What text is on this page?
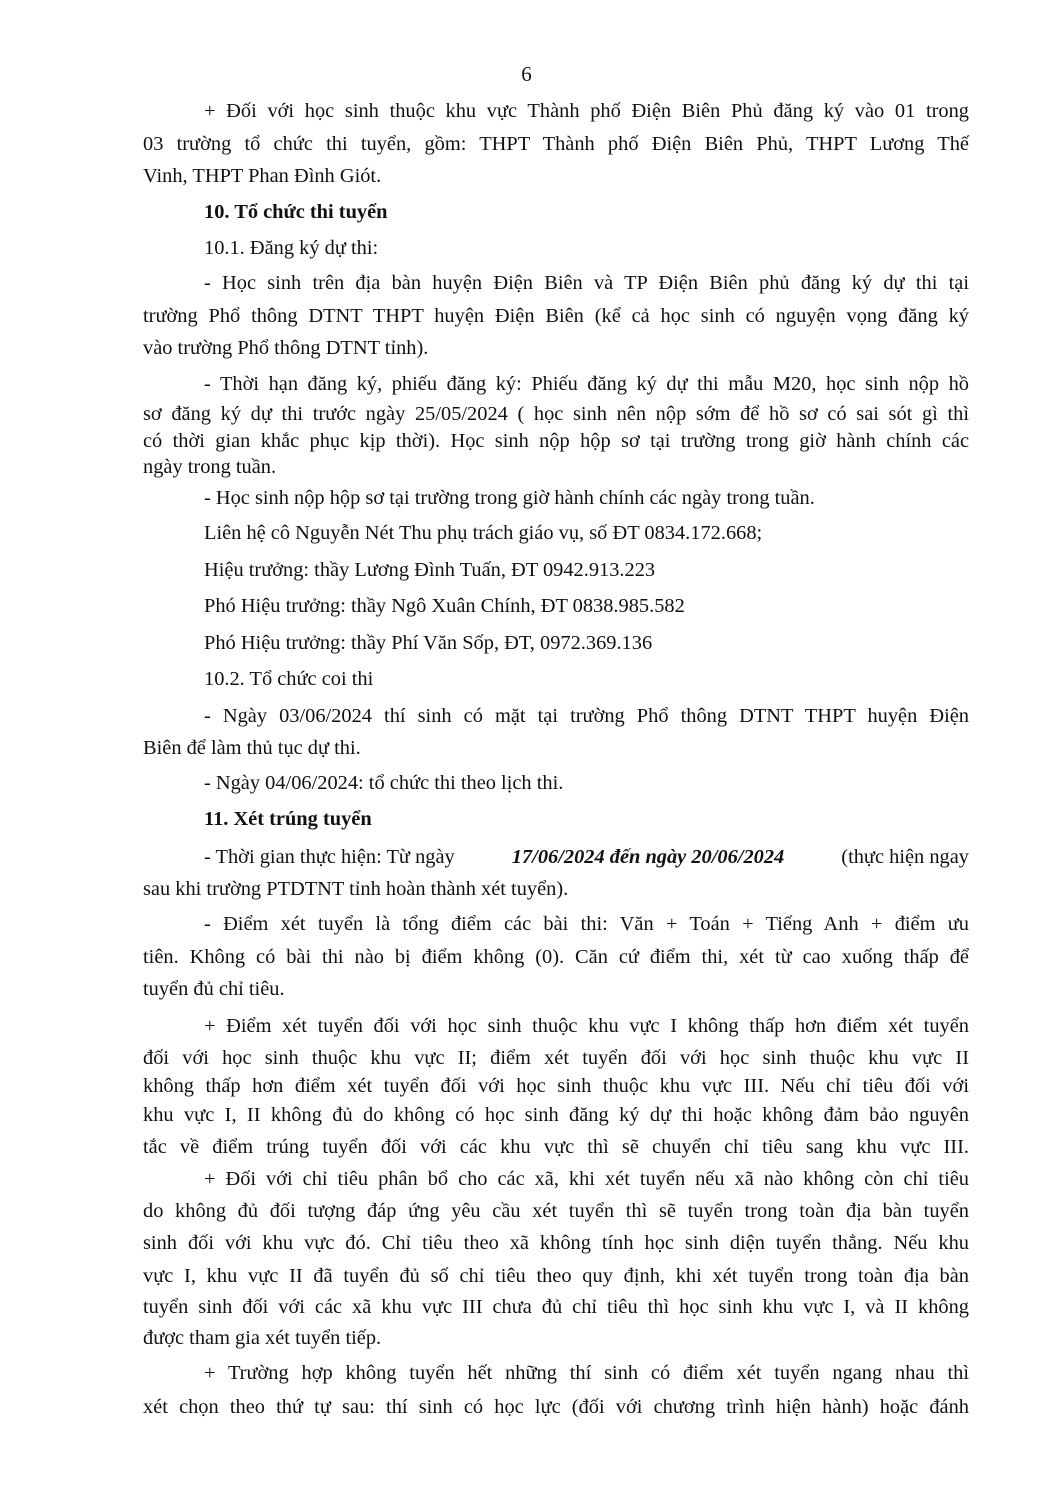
6
+ Đối với học sinh thuộc khu vực Thành phố Điện Biên Phủ đăng ký vào 01 trong
03 trường tổ chức thi tuyển, gồm: THPT Thành phố Điện Biên Phủ, THPT Lương Thế
Vinh, THPT Phan Đình Giót.
10. Tổ chức thi tuyển
10.1. Đăng ký dự thi:
- Học sinh trên địa bàn huyện Điện Biên và TP Điện Biên phủ đăng ký dự thi tại
trường Phổ thông DTNT THPT huyện Điện Biên (kể cả học sinh có nguyện vọng đăng ký
vào trường Phổ thông DTNT tỉnh).
- Thời hạn đăng ký, phiếu đăng ký: Phiếu đăng ký dự thi mẫu M20, học sinh nộp hồ
sơ đăng ký dự thi trước ngày 25/05/2024 ( học sinh nên nộp sớm để hồ sơ có sai sót gì thì
có thời gian khắc phục kịp thời). Học sinh nộp hộp sơ tại trường trong giờ hành chính các
ngày trong tuần.
- Học sinh nộp hộp sơ tại trường trong giờ hành chính các ngày trong tuần.
Liên hệ cô Nguyễn Nét Thu phụ trách giáo vụ, số ĐT 0834.172.668;
Hiệu trưởng: thầy Lương Đình Tuấn, ĐT 0942.913.223
Phó Hiệu trưởng: thầy Ngô Xuân Chính, ĐT 0838.985.582
Phó Hiệu trưởng: thầy Phí Văn Sốp, ĐT, 0972.369.136
10.2. Tổ chức coi thi
- Ngày 03/06/2024 thí sinh có mặt tại trường Phổ thông DTNT THPT huyện Điện
Biên để làm thủ tục dự thi.
- Ngày 04/06/2024: tổ chức thi theo lịch thi.
11. Xét trúng tuyển
- Thời gian thực hiện: Từ ngày	17/06/2024 đến ngày 20/06/2024	(thực hiện ngay
sau khi trường PTDTNT tỉnh hoàn thành xét tuyển).
- Điểm xét tuyển là tổng điểm các bài thi: Văn + Toán + Tiếng Anh + điểm ưu
tiên. Không có bài thi nào bị điểm không (0). Căn cứ điểm thi, xét từ cao xuống thấp để
tuyển đủ chỉ tiêu.
+ Điểm xét tuyển đối với học sinh thuộc khu vực I không thấp hơn điểm xét tuyển
đối với học sinh thuộc khu vực II; điểm xét tuyển đối với học sinh thuộc khu vực II
không thấp hơn điểm xét tuyển đối với học sinh thuộc khu vực III. Nếu chỉ tiêu đối với
khu vực I, II không đủ do không có học sinh đăng ký dự thi hoặc không đảm bảo nguyên
tắc về điểm trúng tuyển đối với các khu vực thì sẽ chuyển chỉ tiêu sang khu vực III.
+ Đối với chỉ tiêu phân bổ cho các xã, khi xét tuyển nếu xã nào không còn chỉ tiêu
do không đủ đối tượng đáp ứng yêu cầu xét tuyển thì sẽ tuyển trong toàn địa bàn tuyển
sinh đối với khu vực đó. Chỉ tiêu theo xã không tính học sinh diện tuyển thẳng. Nếu khu
vực I, khu vực II đã tuyển đủ số chỉ tiêu theo quy định, khi xét tuyển trong toàn địa bàn
tuyển sinh đối với các xã khu vực III chưa đủ chỉ tiêu thì học sinh khu vực I, và II không
được tham gia xét tuyển tiếp.
+ Trường hợp không tuyển hết những thí sinh có điểm xét tuyển ngang nhau thì
xét chọn theo thứ tự sau: thí sinh có học lực (đối với chương trình hiện hành) hoặc đánh
